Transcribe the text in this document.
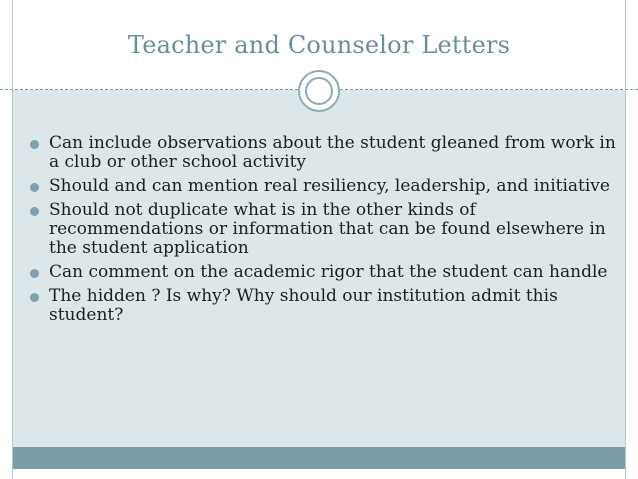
Teacher and Counselor Letters
Can include observations about the student gleaned from work in a club or other school activity
Should and can mention real resiliency, leadership, and initiative
Should not duplicate what is in the other kinds of recommendations or information that can be found elsewhere in the student application
Can comment on the academic rigor that the student can handle
The hidden ? Is why? Why should our institution admit this student?
